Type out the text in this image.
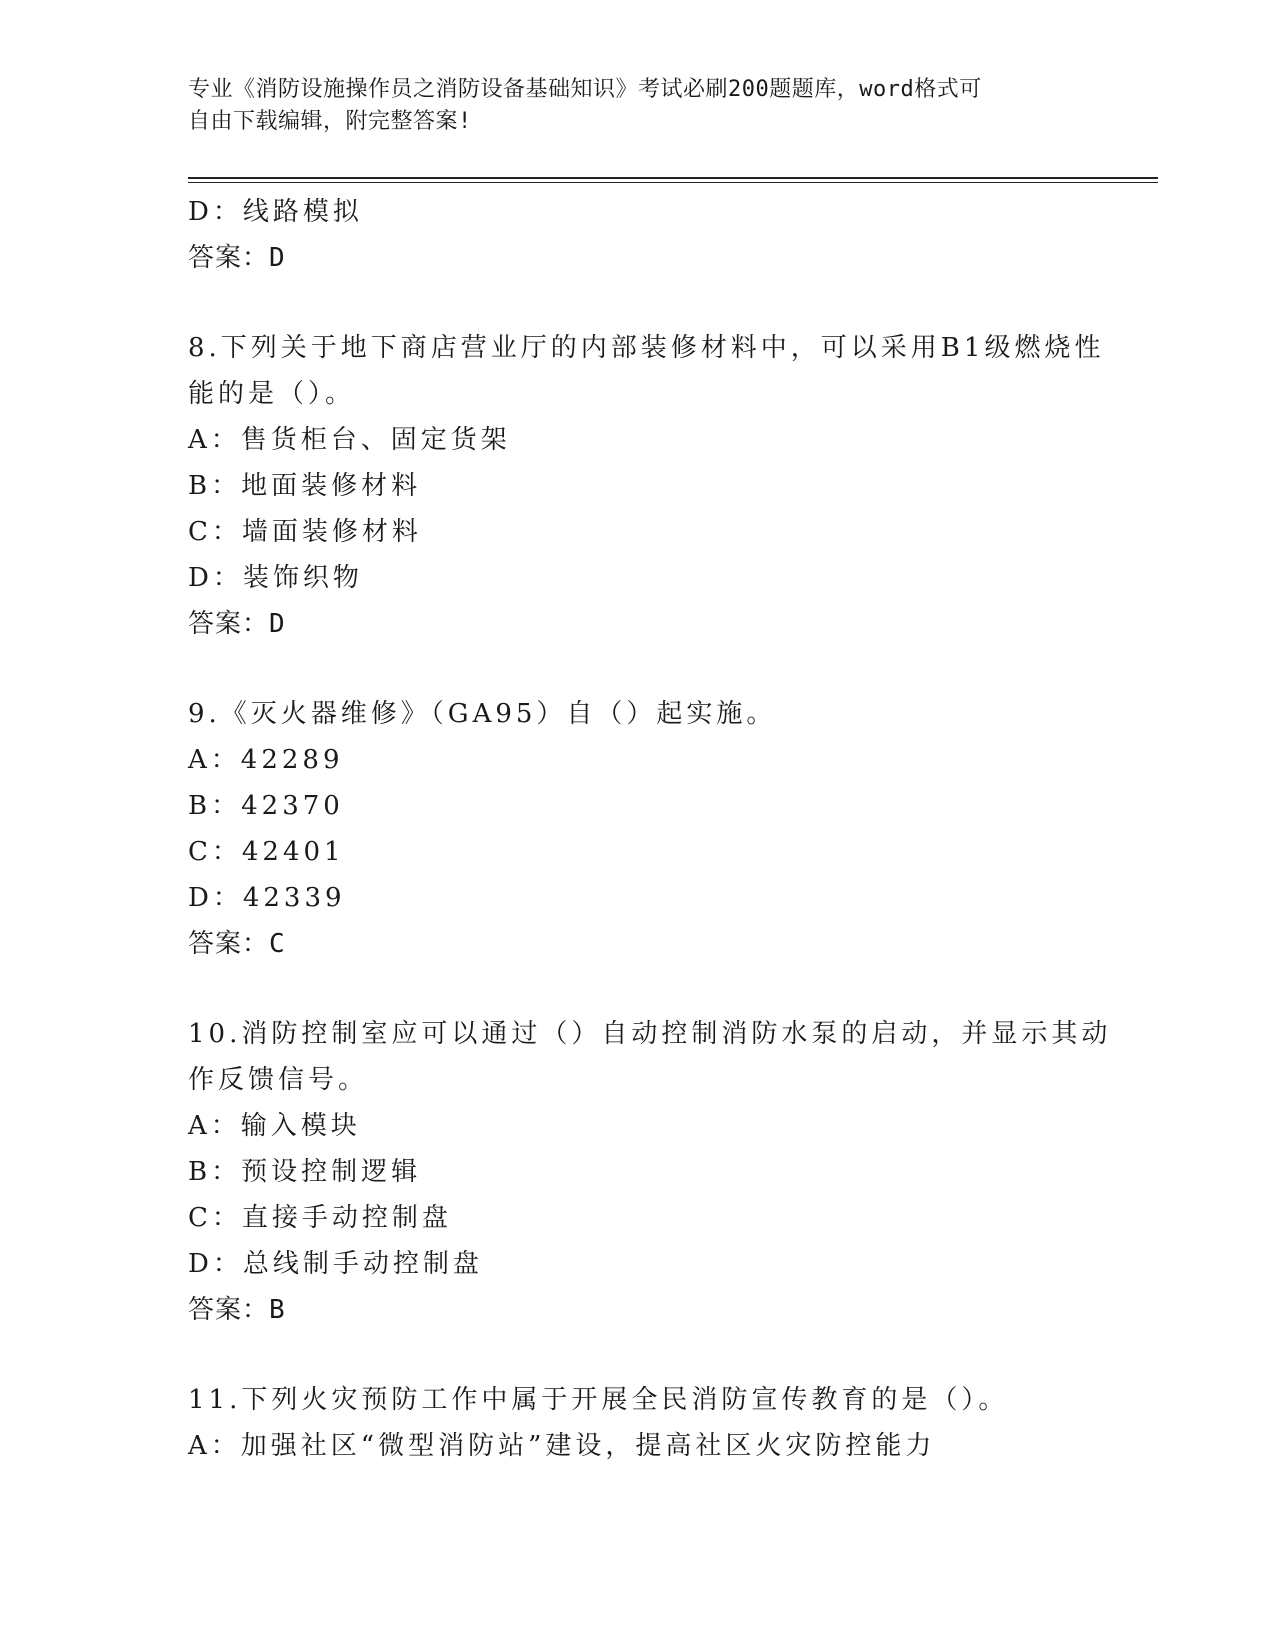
专业《消防设施操作员之消防设备基础知识》考试必刷200题题库，word格式可
自由下载编辑，附完整答案!
D：线路模拟
答案：D
8.下列关于地下商店营业厅的内部装修材料中，可以采用B1级燃烧性
能的是（）。
A：售货柜台、固定货架
B：地面装修材料
C：墙面装修材料
D：装饰织物
答案：D
9.《灭火器维修》（GA95）自（）起实施。
A：42289
B：42370
C：42401
D：42339
答案：C
10.消防控制室应可以通过（）自动控制消防水泵的启动，并显示其动
作反馈信号。
A：输入模块
B：预设控制逻辑
C：直接手动控制盘
D：总线制手动控制盘
答案：B
11.下列火灾预防工作中属于开展全民消防宣传教育的是（）。
A：加强社区“微型消防站”建设，提高社区火灾防控能力
